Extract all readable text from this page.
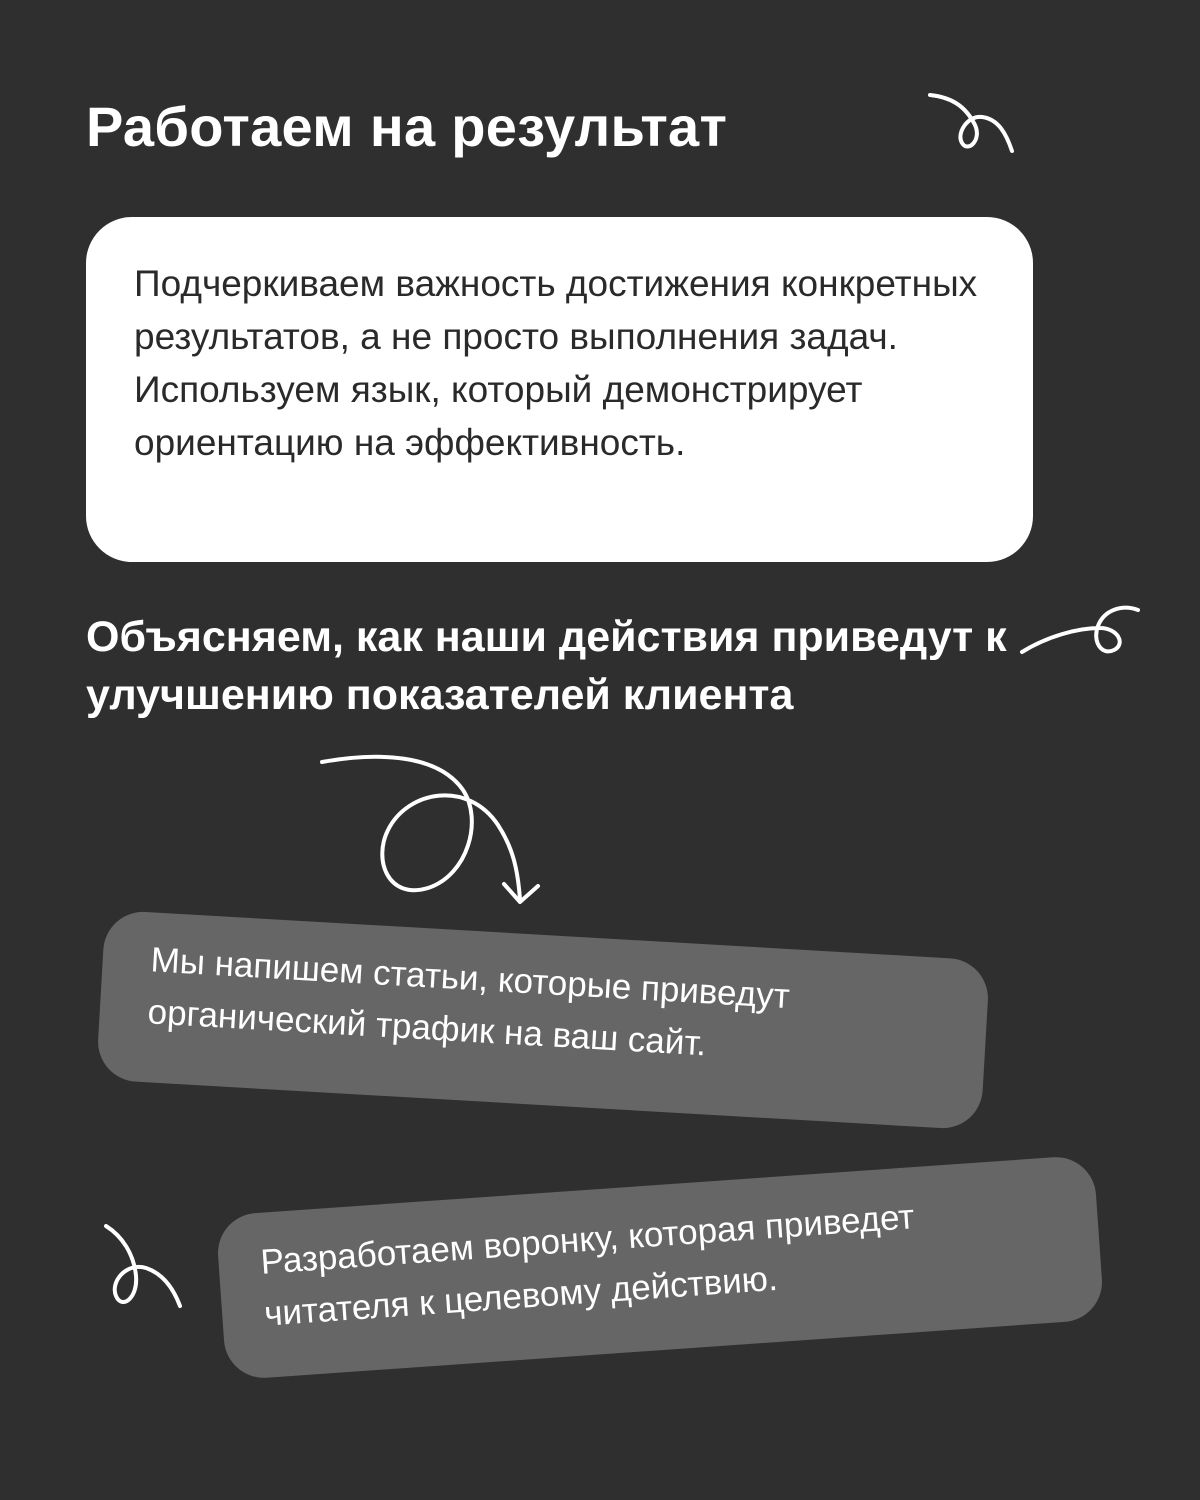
Работаем на результат

Подчеркиваем важность достижения конкретных результатов, а не просто выполнения задач. Используем язык, который демонстрирует ориентацию на эффективность.

Объясняем, как наши действия приведут к улучшению показателей клиента

Мы напишем статьи, которые приведут органический трафик на ваш сайт.

Разработаем воронку, которая приведет читателя к целевому действию.
